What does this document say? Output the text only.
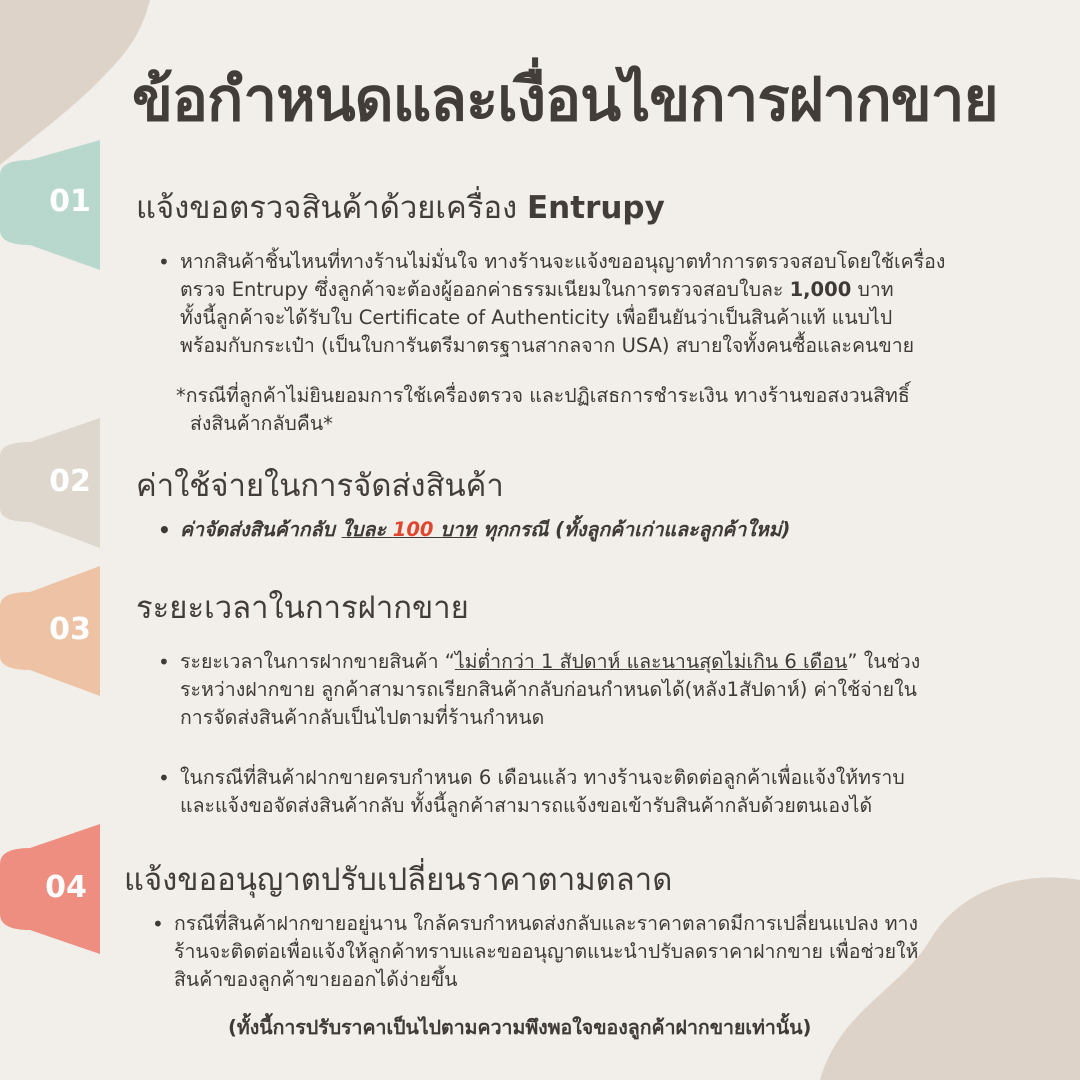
ข้อกำหนดและเงื่อนไขการฝากขาย
01	แจ้งขอตรวจสินค้าด้วยเครื่อง Entrupy
• หากสินค้าชิ้นไหนที่ทางร้านไม่มั่นใจ ทางร้านจะแจ้งขออนุญาตทำการตรวจสอบโดยใช้เครื่อง
ตรวจ Entrupy ซึ่งลูกค้าจะต้องผู้ออกค่าธรรมเนียมในการตรวจสอบใบละ 1,000 บาท
ทั้งนี้ลูกค้าจะได้รับใบ Certificate of Authenticity เพื่อยืนยันว่าเป็นสินค้าแท้ แนบไป
พร้อมกับกระเป๋า (เป็นใบการันตรีมาตรฐานสากลจาก USA) สบายใจทั้งคนซื้อและคนขาย
*กรณีที่ลูกค้าไม่ยินยอมการใช้เครื่องตรวจ และปฏิเสธการชำระเงิน ทางร้านขอสงวนสิทธิ์
ส่งสินค้ากลับคืน*
02	ค่าใช้จ่ายในการจัดส่งสินค้า
• ค่าจัดส่งสินค้ากลับ ใบละ 100 บาท ทุกกรณี (ทั้งลูกค้าเก่าและลูกค้าใหม่)
03
ระยะเวลาในการฝากขาย
• ระยะเวลาในการฝากขายสินค้า “ไม่ต่ำกว่า 1 สัปดาห์ และนานสุดไม่เกิน 6 เดือน” ในช่วง
ระหว่างฝากขาย ลูกค้าสามารถเรียกสินค้ากลับก่อนกำหนดได้(หลัง1สัปดาห์) ค่าใช้จ่ายใน
การจัดส่งสินค้ากลับเป็นไปตามที่ร้านกำหนด
• ในกรณีที่สินค้าฝากขายครบกำหนด 6 เดือนแล้ว ทางร้านจะติดต่อลูกค้าเพื่อแจ้งให้ทราบ
และแจ้งขอจัดส่งสินค้ากลับ ทั้งนี้ลูกค้าสามารถแจ้งขอเข้ารับสินค้ากลับด้วยตนเองได้
04	แจ้งขออนุญาตปรับเปลี่ยนราคาตามตลาด
• กรณีที่สินค้าฝากขายอยู่นาน ใกล้ครบกำหนดส่งกลับและราคาตลาดมีการเปลี่ยนแปลง ทาง
ร้านจะติดต่อเพื่อแจ้งให้ลูกค้าทราบและขออนุญาตแนะนำปรับลดราคาฝากขาย เพื่อช่วยให้
สินค้าของลูกค้าขายออกได้ง่ายขึ้น
(ทั้งนี้การปรับราคาเป็นไปตามความพึงพอใจของลูกค้าฝากขายเท่านั้น)
